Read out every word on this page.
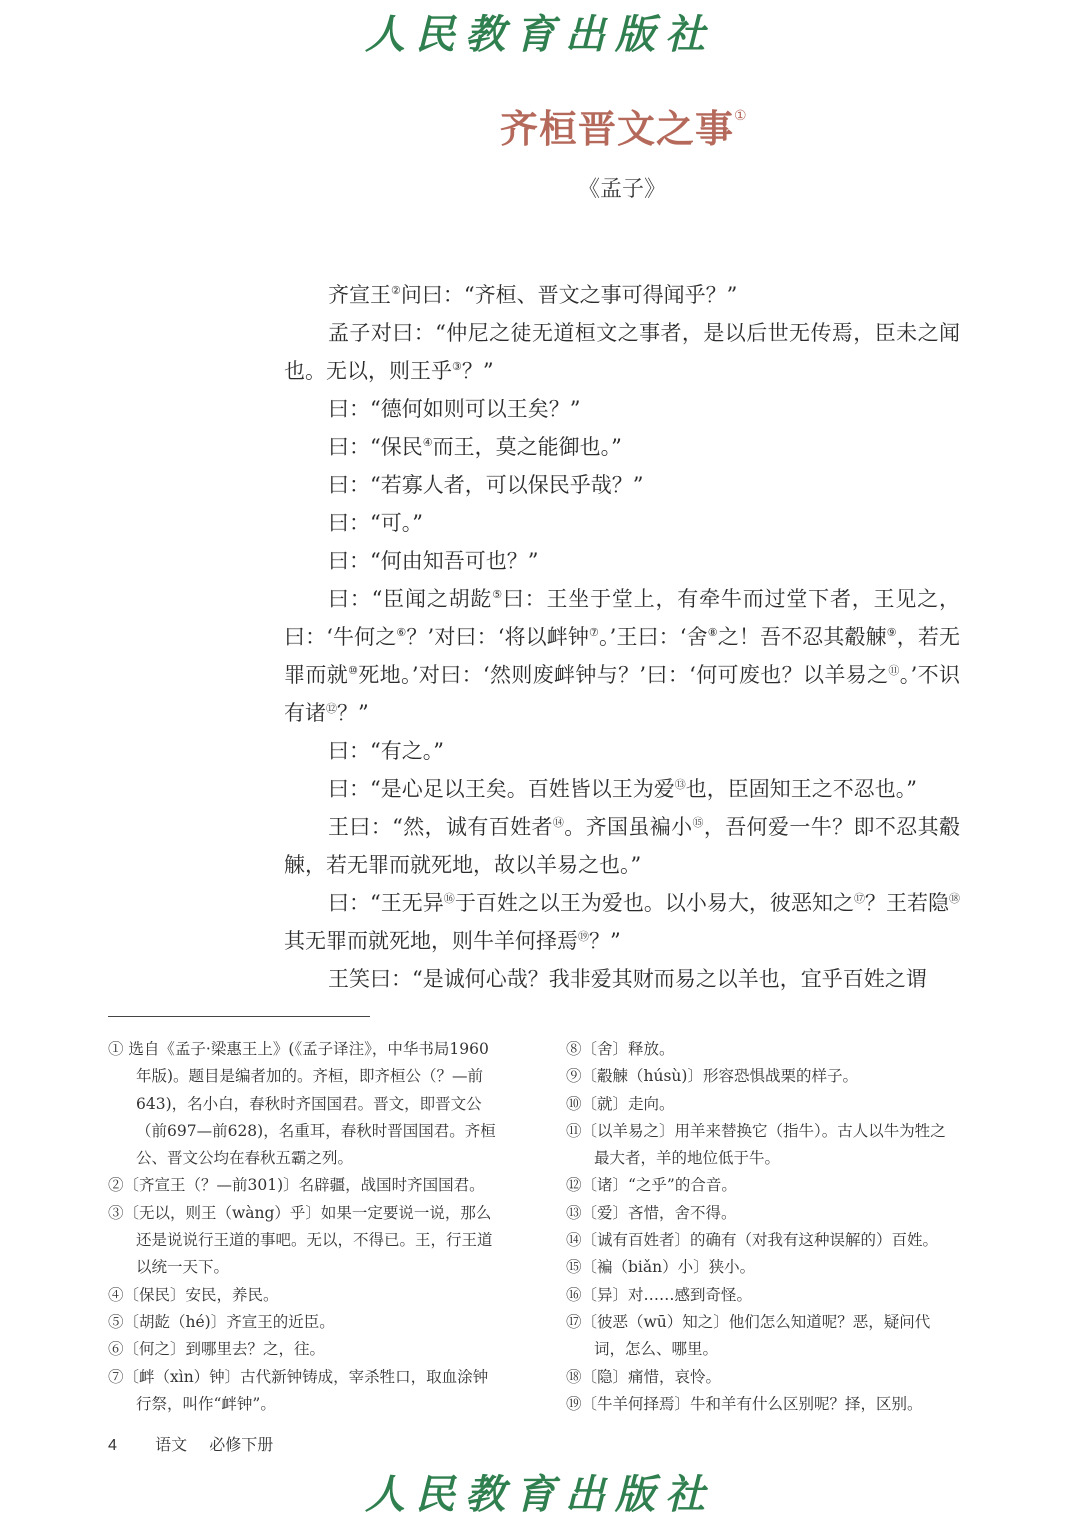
人民教育出版社
齐桓晋文之事①
《孟子》

齐宣王②问曰：“齐桓、晋文之事可得闻乎？”

孟子对曰：“仲尼之徒无道桓文之事者，是以后世无传焉，臣未之闻也。无以，则王乎③？”

曰：“德何如则可以王矣？”

曰：“保民④而王，莫之能御也。”

曰：“若寡人者，可以保民乎哉？”

曰：“可。”

曰：“何由知吾可也？”

曰：“臣闻之胡龁⑤曰：王坐于堂上，有牵牛而过堂下者，王见之，曰：‘牛何之⑥？’对曰：‘将以衅钟⑦。’王曰：‘舍⑧之！吾不忍其觳觫⑨，若无罪而就⑩死地。’对曰：‘然则废衅钟与？’曰：‘何可废也？以羊易之⑪。’不识有诸⑫？”

曰：“有之。”

曰：“是心足以王矣。百姓皆以王为爱⑬也，臣固知王之不忍也。”

王曰：“然，诚有百姓者⑭。齐国虽褊小⑮，吾何爱一牛？即不忍其觳觫，若无罪而就死地，故以羊易之也。”

曰：“王无异⑯于百姓之以王为爱也。以小易大，彼恶知之⑰？王若隐⑱其无罪而就死地，则牛羊何择焉⑲？”

王笑曰：“是诚何心哉？我非爱其财而易之以羊也，宜乎百姓之谓

① 选自《孟子·梁惠王上》(《孟子译注》，中华书局1960年版)。题目是编者加的。齐桓，即齐桓公（？—前643)，名小白，春秋时齐国国君。晋文，即晋文公（前697—前628)，名重耳，春秋时晋国国君。齐桓公、晋文公均在春秋五霸之列。
②〔齐宣王（？—前301)〕名辟疆，战国时齐国国君。
③〔无以，则王（wàng）乎〕如果一定要说一说，那么还是说说行王道的事吧。无以，不得已。王，行王道以统一天下。
④〔保民〕安民，养民。
⑤〔胡龁（hé)〕齐宣王的近臣。
⑥〔何之〕到哪里去？之，往。
⑦〔衅（xìn）钟〕古代新钟铸成，宰杀牲口，取血涂钟行祭，叫作“衅钟”。
⑧〔舍〕释放。
⑨〔觳觫（húsù)〕形容恐惧战栗的样子。
⑩〔就〕走向。
⑪〔以羊易之〕用羊来替换它（指牛）。古人以牛为牲之最大者，羊的地位低于牛。
⑫〔诸〕“之乎”的合音。
⑬〔爱〕吝惜，舍不得。
⑭〔诚有百姓者〕的确有（对我有这种误解的）百姓。
⑮〔褊（biǎn）小〕狭小。
⑯〔异〕对……感到奇怪。
⑰〔彼恶（wū）知之〕他们怎么知道呢？恶，疑问代词，怎么、哪里。
⑱〔隐〕痛惜，哀怜。
⑲〔牛羊何择焉〕牛和羊有什么区别呢？择，区别。
4 语文 必修下册
人民教育出版社
